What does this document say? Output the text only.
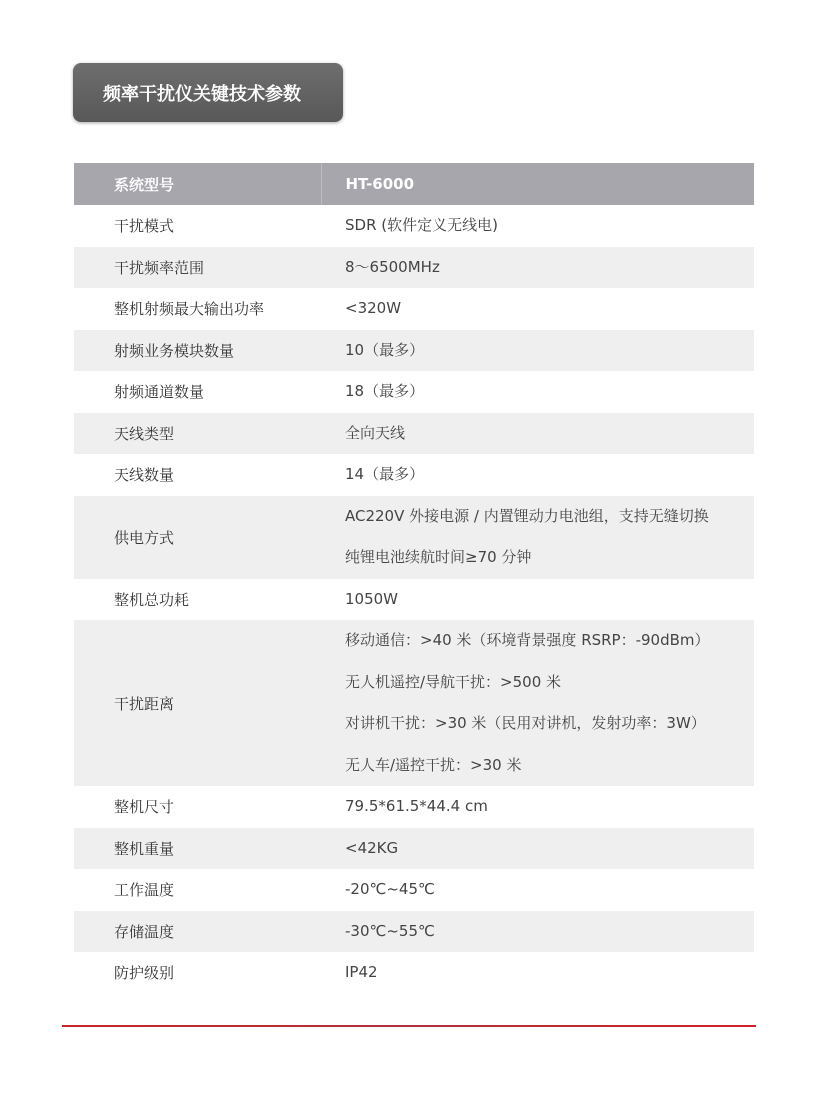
频率干扰仪关键技术参数
系统型号	HT-6000
干扰模式	SDR (软件定义无线电)

干扰频率范围	8～6500MHz

整机射频最大输出功率	<320W

射频业务模块数量	10（最多）

射频通道数量	18（最多）

天线类型	全向天线

天线数量	14（最多）

供电方式	AC220V 外接电源 / 内置锂动力电池组，支持无缝切换
纯锂电池续航时间≥70 分钟

整机总功耗	1050W

干扰距离	移动通信：>40 米（环境背景强度 RSRP：-90dBm）
无人机遥控/导航干扰：>500 米
对讲机干扰：>30 米（民用对讲机，发射功率：3W）
无人车/遥控干扰：>30 米

整机尺寸	79.5*61.5*44.4 cm

整机重量	<42KG

工作温度	-20℃~45℃

存储温度	-30℃~55℃

防护级别	IP42
